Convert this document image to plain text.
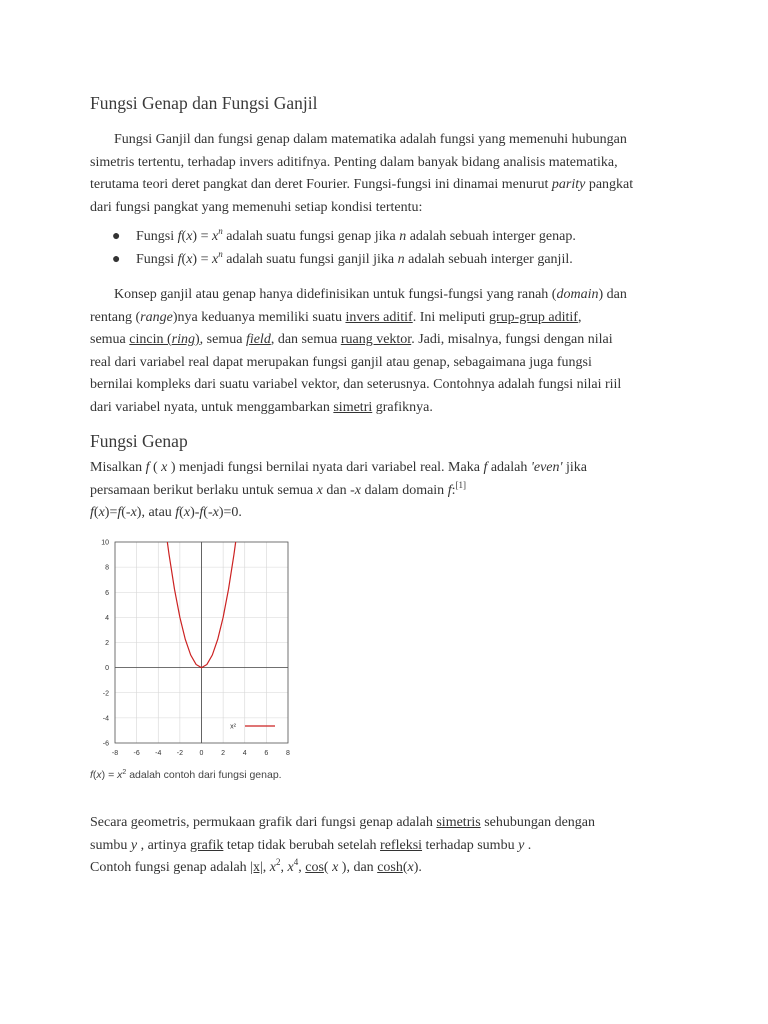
Fungsi Genap dan Fungsi Ganjil
Fungsi Ganjil dan fungsi genap dalam matematika adalah fungsi yang memenuhi hubungan
simetris tertentu, terhadap invers aditifnya. Penting dalam banyak bidang analisis matematika,
terutama teori deret pangkat dan deret Fourier. Fungsi-fungsi ini dinamai menurut parity pangkat
dari fungsi pangkat yang memenuhi setiap kondisi tertentu:
● Fungsi $f(x) = x^n$ adalah suatu fungsi genap jika n adalah sebuah interger genap.
● Fungsi $f(x) = x^n$ adalah suatu fungsi ganjil jika n adalah sebuah interger ganjil.
Konsep ganjil atau genap hanya didefinisikan untuk fungsi-fungsi yang ranah (domain) dan
rentang (range)nya keduanya memiliki suatu invers aditif. Ini meliputi grup-grup aditif,
semua cincin (ring), semua field, dan semua ruang vektor. Jadi, misalnya, fungsi dengan nilai
real dari variabel real dapat merupakan fungsi ganjil atau genap, sebagaimana juga fungsi
bernilai kompleks dari suatu variabel vektor, dan seterusnya. Contohnya adalah fungsi nilai riil
dari variabel nyata, untuk menggambarkan simetri grafiknya.
Fungsi Genap
Misalkan f ( x ) menjadi fungsi bernilai nyata dari variabel real. Maka f adalah 'even' jika
persamaan berikut berlaku untuk semua x dan -x dalam domain f:[1]
f(x)=f(-x), atau f(x)-f(-x)=0.
-8 -6 -4 -2 0	2	4	6	8
10
8
6
4
2
0
-2
-4
-6
x²
$f(x) = x^2$ adalah contoh dari fungsi genap.
Secara geometris, permukaan grafik dari fungsi genap adalah simetris sehubungan dengan
sumbu y , artinya grafik tetap tidak berubah setelah refleksi terhadap sumbu y .
Contoh fungsi genap adalah |x|, $x^2$, $x^4$, cos( x ), dan cosh(x).
